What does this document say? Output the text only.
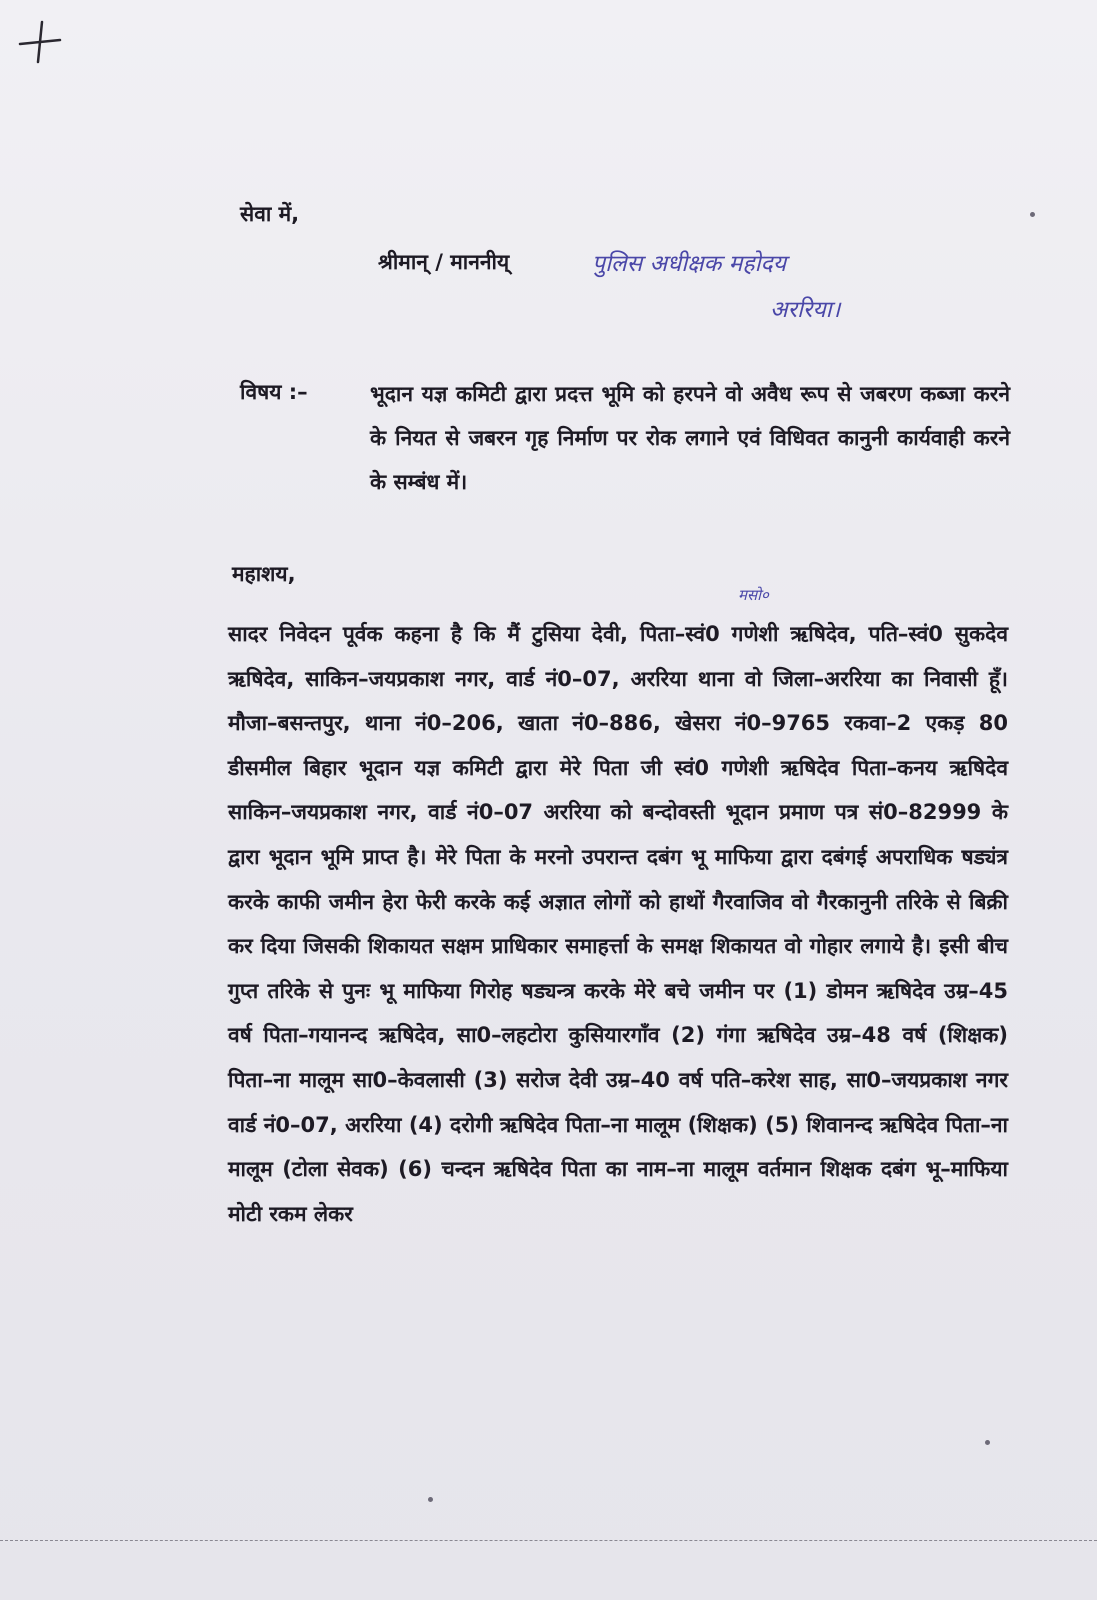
सेवा में,
श्रीमान् / माननीय्	पुलिस अधीक्षक महोदय
अररिया।
विषय :–	भूदान यज्ञ कमिटी द्वारा प्रदत्त भूमि को हरपने वो अवैध रूप से जबरण कब्जा करने के नियत से जबरन गृह निर्माण पर रोक लगाने एवं विधिवत कानुनी कार्यवाही करने के सम्बंध में।

महाशय,
मसो०

सादर निवेदन पूर्वक कहना है कि मैं टुसिया देवी, पिता–स्वं0 गणेशी ऋषिदेव, पति–स्वं0 सुकदेव ऋषिदेव, साकिन–जयप्रकाश नगर, वार्ड नं0–07, अररिया थाना वो जिला–अररिया का निवासी हूँ। मौजा–बसन्तपुर, थाना नं0–206, खाता नं0–886, खेसरा नं0–9765 रकवा–2 एकड़ 80 डीसमील बिहार भूदान यज्ञ कमिटी द्वारा मेरे पिता जी स्वं0 गणेशी ऋषिदेव पिता–कनय ऋषिदेव साकिन–जयप्रकाश नगर, वार्ड नं0–07 अररिया को बन्दोवस्ती भूदान प्रमाण पत्र सं0–82999 के द्वारा भूदान भूमि प्राप्त है। मेरे पिता के मरनो उपरान्त दबंग भू माफिया द्वारा दबंगई अपराधिक षड्यंत्र करके काफी जमीन हेरा फेरी करके कई अज्ञात लोगों को हाथों गैरवाजिव वो गैरकानुनी तरिके से बिक्री कर दिया जिसकी शिकायत सक्षम प्राधिकार समाहर्त्ता के समक्ष शिकायत वो गोहार लगाये है। इसी बीच गुप्त तरिके से पुनः भू माफिया गिरोह षड्यन्त्र करके मेरे बचे जमीन पर (1) डोमन ऋषिदेव उम्र–45 वर्ष पिता–गयानन्द ऋषिदेव, सा0–लहटोरा कुसियारगाँव (2) गंगा ऋषिदेव उम्र–48 वर्ष (शिक्षक) पिता–ना मालूम सा0–केवलासी (3) सरोज देवी उम्र–40 वर्ष पति–करेश साह, सा0–जयप्रकाश नगर वार्ड नं0–07, अररिया (4) दरोगी ऋषिदेव पिता–ना मालूम (शिक्षक) (5) शिवानन्द ऋषिदेव पिता–ना मालूम (टोला सेवक) (6) चन्दन ऋषिदेव पिता का नाम–ना मालूम वर्तमान शिक्षक दबंग भू–माफिया मोटी रकम लेकर
